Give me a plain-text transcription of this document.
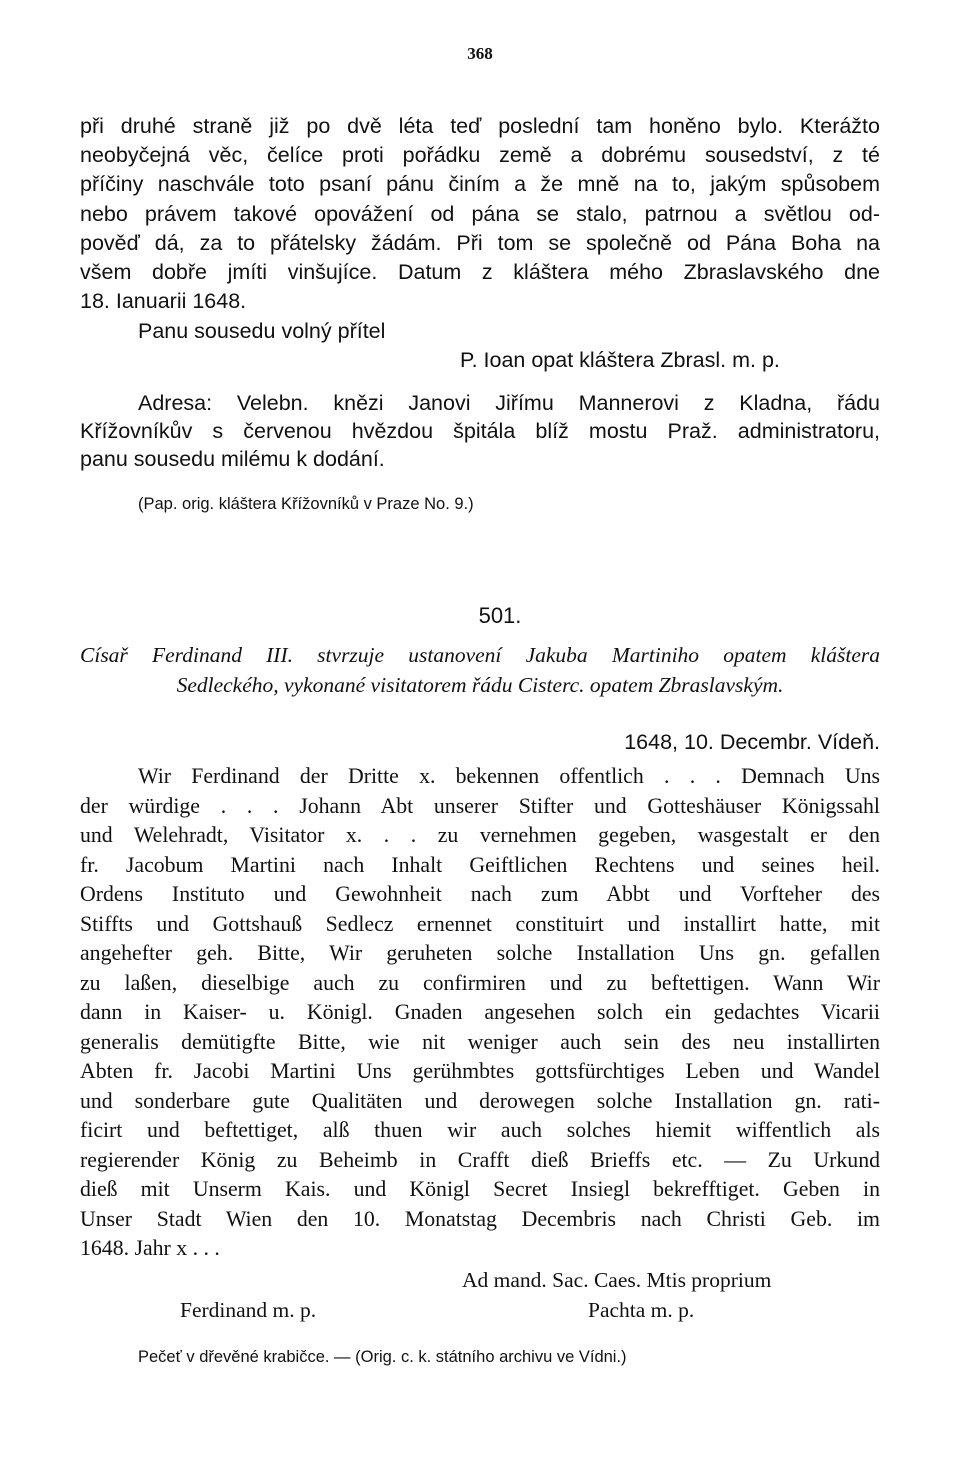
368
při druhé straně již po dvě léta teď poslední tam honěno bylo. Kterážto
neobyčejná věc, čelíce proti pořádku země a dobrému sousedství, z té
příčiny naschvále toto psaní pánu činím a že mně na to, jakým spůsobem
nebo právem takové opovážení od pána se stalo, patrnou a světlou od-
pověď dá, za to přátelsky žádám. Při tom se společně od Pána Boha na
všem dobře jmíti vinšujíce. Datum z kláštera mého Zbraslavského dne
18. Ianuarii 1648.
Panu sousedu volný přítel
P. Ioan opat kláštera Zbrasl. m. p.
Adresa: Velebn. knězi Janovi Jiřímu Mannerovi z Kladna, řádu
Křížovníkův s červenou hvězdou špitála blíž mostu Praž. administratoru,
panu sousedu milému k dodání.
(Pap. orig. kláštera Křížovníků v Praze No. 9.)
501.
Císař Ferdinand III. stvrzuje ustanovení Jakuba Martiniho opatem kláštera
Sedleckého, vykonané visitatorem řádu Cisterc. opatem Zbraslavským.
1648, 10. Decembr. Vídeň.
Wir Ferdinand der Dritte x. bekennen offentlich . . . Demnach Uns
der würdige . . . Johann Abt unserer Stifter und Gotteshäuser Königssahl
und Welehradt, Visitator x. . . zu vernehmen gegeben, wasgestalt er den
fr. Jacobum Martini nach Inhalt Geiftlichen Rechtens und seines heil.
Ordens Instituto und Gewohnheit nach zum Abbt und Vorfteher des
Stiffts und Gottshauß Sedlecz ernennet constituirt und installirt hatte, mit
angehefter geh. Bitte, Wir geruheten solche Installation Uns gn. gefallen
zu laßen, dieselbige auch zu confirmiren und zu beftettigen. Wann Wir
dann in Kaiser- u. Königl. Gnaden angesehen solch ein gedachtes Vicarii
generalis demütigfte Bitte, wie nit weniger auch sein des neu installirten
Abten fr. Jacobi Martini Uns gerühmbtes gottsfürchtiges Leben und Wandel
und sonderbare gute Qualitäten und derowegen solche Installation gn. rati-
ficirt und beftettiget, alß thuen wir auch solches hiemit wiffentlich als
regierender König zu Beheimb in Crafft dieß Brieffs etc. — Zu Urkund
dieß mit Unserm Kais. und Königl Secret Insiegl bekrefftiget. Geben in
Unser Stadt Wien den 10. Monatstag Decembris nach Christi Geb. im
1648. Jahr x . . .
Ad mand. Sac. Caes. Mtis proprium
Ferdinand m. p.	Pachta m. p.
Pečeť v dřevěné krabičce. — (Orig. c. k. státního archivu ve Vídni.)
